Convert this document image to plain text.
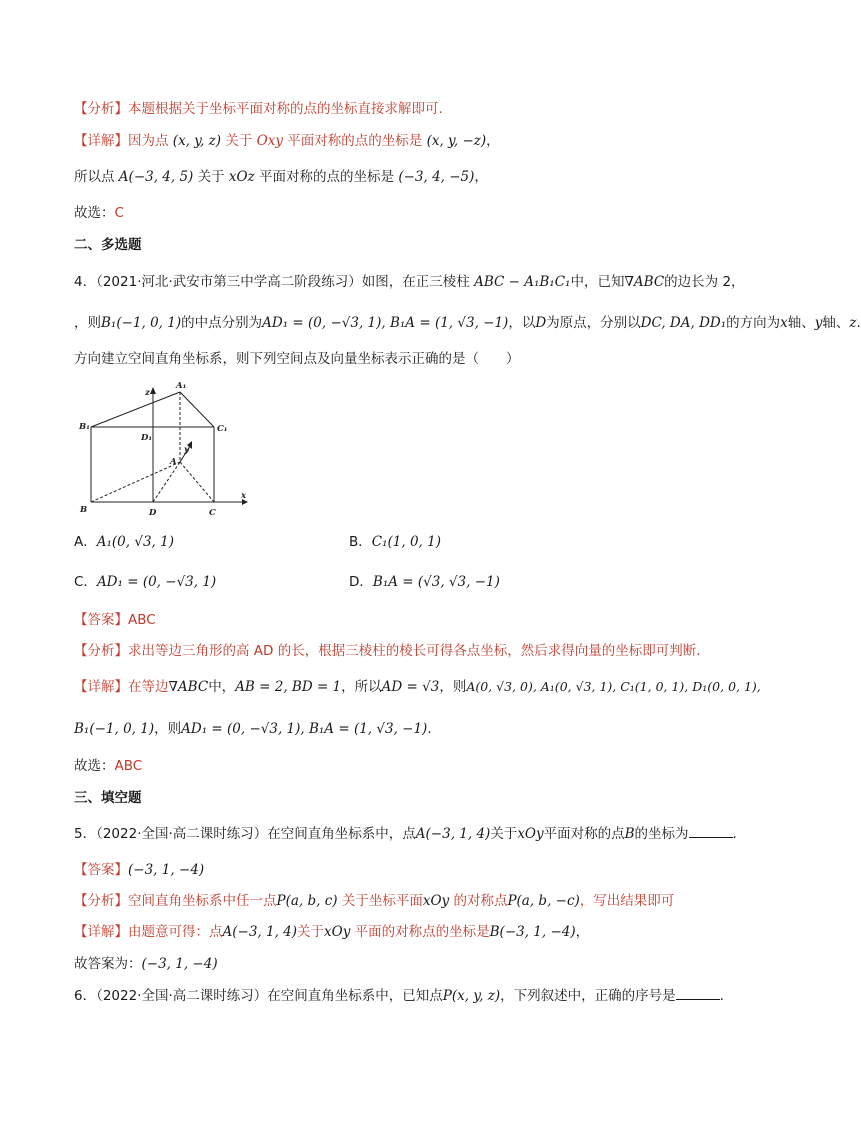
【分析】本题根据关于坐标平面对称的点的坐标直接求解即可.
【详解】因为点 (x, y, z) 关于 Oxy 平面对称的点的坐标是 (x, y, −z)，
所以点 A(−3, 4, 5) 关于 xOz 平面对称的点的坐标是 (−3, 4, −5)，
故选：C
二、多选题
4．（2021·河北·武安市第三中学高二阶段练习）如图，在正三棱柱 ABC − A₁B₁C₁中，已知∇ABC的边长为 2，
，则B₁(−1, 0, 1)的中点分别为AD₁ = (0, −√3, 1), B₁A = (1, √3, −1)，以D为原点，分别以DC, DA, DD₁的方向为x轴、y轴、z.
方向建立空间直角坐标系，则下列空间点及向量坐标表示正确的是（　　）
A₁
z
B₁	C₁
D₁
y
A
B	D	C
x
A．A₁(0, √3, 1)	B．C₁(1, 0, 1)
C．AD₁ = (0, −√3, 1)	D．B₁A = (√3, √3, −1)
【答案】ABC
【分析】求出等边三角形的高 AD 的长，根据三棱柱的棱长可得各点坐标，然后求得向量的坐标即可判断．
【详解】在等边∇ABC中，AB = 2, BD = 1，所以AD = √3，则A(0, √3, 0), A₁(0, √3, 1), C₁(1, 0, 1), D₁(0, 0, 1),
B₁(−1, 0, 1)，则AD₁ = (0, −√3, 1), B₁A = (1, √3, −1).
故选：ABC
三、填空题
5．（2022·全国·高二课时练习）在空间直角坐标系中，点A(−3, 1, 4)关于xOy平面对称的点B的坐标为	．
【答案】(−3, 1, −4)
【分析】空间直角坐标系中任一点P(a, b, c) 关于坐标平面xOy 的对称点P(a, b, −c)，写出结果即可
【详解】由题意可得：点A(−3, 1, 4)关于xOy 平面的对称点的坐标是B(−3, 1, −4)，
故答案为：(−3, 1, −4)
6．（2022·全国·高二课时练习）在空间直角坐标系中，已知点P(x, y, z)，下列叙述中，正确的序号是	.
